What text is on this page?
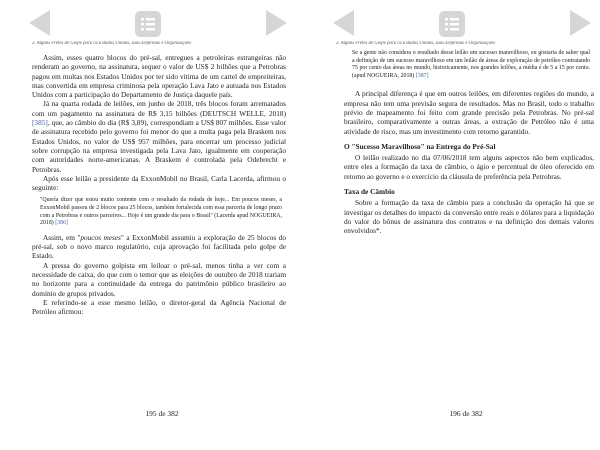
2. Alguns Fretes de Golpe para os Estados Unidos, suas Empresas e Organizações

Assim, esses quatro blocos do pré-sal, entregues a petroleiras estrangeiras não renderam ao governo, na assinatura, sequer o valor de US$ 2 bilhões que a Petrobras pagou em multas nos Estados Unidos por ter sido vítima de um cartel de empreiteiras, mas convertida em empresa criminosa pela operação Lava Jato e autuada nos Estados Unidos com a participação do Departamento de Justiça daquele país.

Já na quarta rodada de leilões, em junho de 2018, três blocos foram arrematados com um pagamento na assinatura de R$ 3,15 bilhões (DEUTSCH WELLE, 2018) [385], que, ao câmbio do dia (R$ 3,89), correspondiam a US$ 807 milhões. Esse valor de assinatura recebido pelo governo foi menor do que a multa paga pela Braskem nos Estados Unidos, no valor de US$ 957 milhões, para encerrar um processo judicial sobre corrupção na empresa investigada pela Lava Jato, igualmente em cooperação com autoridades norte-americanas. A Braskem é controlada pela Odebrecht e Petrobras.

Após esse leilão a presidente da ExxonMobil no Brasil, Carla Lacerda, afirmou o seguinte:

"Quería dizer que estou muito contente com o resultado da rodada de hoje... Em poucos meses, a ExxonMobil passou de 2 blocos para 25 blocos, também fortalecida com essa parceria de longo prazo com a Petrobras e outros parceiros... Hoje é um grande dia para o Brasil" (Lacerda apud NOGUEIRA, 2018) [386]

Assim, em "poucos meses" a ExxonMobil assumiu a exploração de 25 blocos do pré-sal, sob o novo marco regulatório, cuja aprovação foi facilitada pelo golpe de Estado.

A pressa do governo golpista em leiloar o pré-sal, menos tinha a ver com a necessidade de caixa, do que com o temor que as eleições de outubro de 2018 trariam no horizonte para a continuidade da entrega do patrimônio público brasileiro ao domínio de grupos privados.

E referindo-se a esse mesmo leilão, o diretor-geral da Agência Nacional de Petróleo afirmou:

195 de 382
2. Alguns Fretes de Golpe para os Estados Unidos, suas Empresas e Organizações
Se a gente não considera o resultado desse leilão um sucesso maravilhoso, eu gostaria de saber qual a definição de um sucesso maravilhoso em um leilão de áreas de exploração de petróleo contratando 75 por cento das áreas no mundo, historicamente, nos grandes leilões, a média é de 5 a 15 por cento. (apud NOGUEIRA, 2018) [387]

A principal diferença é que em outros leilões, em diferentes regiões do mundo, a empresa não tem uma previsão segura de resultados. Mas no Brasil, todo o trabalho prévio de mapeamento foi feito com grande precisão pela Petrobras. No pré-sal brasileiro, comparativamente a outras áreas, a extração de Petróleo não é uma atividade de risco, mas um investimento com retorno garantido.

O "Sucesso Maravilhoso" na Entrega do Pré-Sal

O leilão realizado no dia 07/06/2018 tem alguns aspectos não bem explicados, entre eles a formação da taxa de câmbio, o ágio e percentual de óleo oferecido em retorno ao governo e o exercício da cláusula de preferência pela Petrobras.

Taxa de Câmbio

Sobre a formação da taxa de câmbio para a conclusão da operação há que se investigar os detalhes do impacto da conversão entre reais e dólares para a liquidação do valor do bônus de assinatura dos contratos e na definição dos demais valores envolvidos*.

196 de 382
